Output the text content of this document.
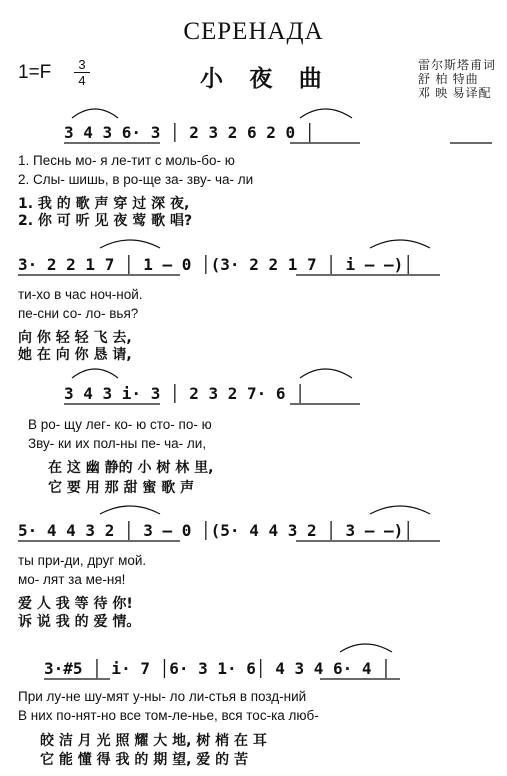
СЕРЕНАДА
1=F	3
4	小 夜 曲	雷尔斯塔甫词
舒 柏 特曲
邓 映 易译配
3 4 3 6· 3 │ 2 3 2 6 2 0 │
1. Песнь мо- я ле-тит с моль-бо- ю
2. Слы- шишь, в ро-ще за- зву- ча- ли
1. 我 的 歌 声 穿 过 深 夜,
2. 你 可 听 见 夜 莺 歌 唱?
3· 2 2 1 7 │ 1 — 0 │(3· 2 2 1 7 │ i — —)│
ти-хо в час ноч-ной.
пе-сни со- ло- вья?
向 你 轻 轻 飞 去,
她 在 向 你 恳 请,
3 4 3 i· 3 │ 2 3 2 7· 6 │
В ро- щу лег- ко- ю сто- по- ю
Зву- ки их пол-ны пе- ча- ли,
在 这 幽 静的 小 树 林 里,
它 要 用 那 甜 蜜 歌 声
5· 4 4 3 2 │ 3 — 0 │(5· 4 4 3 2 │ 3 — —)│
ты при-ди, друг мой.
мо- лят за ме-ня!
爱 人 我 等 待 你!
诉 说 我 的 爱 情。
3·#5 │ i· 7 │6· 3 1· 6│ 4 3 4 6· 4 │
При лу-не шу-мят у-ны- ло ли-стья в позд-ний
В них по-нят-но все том-ле-нье, вся тос-ка люб-
皎 洁 月 光 照 耀 大 地, 树 梢 在 耳
它 能 懂 得 我 的 期 望, 爱 的 苦
